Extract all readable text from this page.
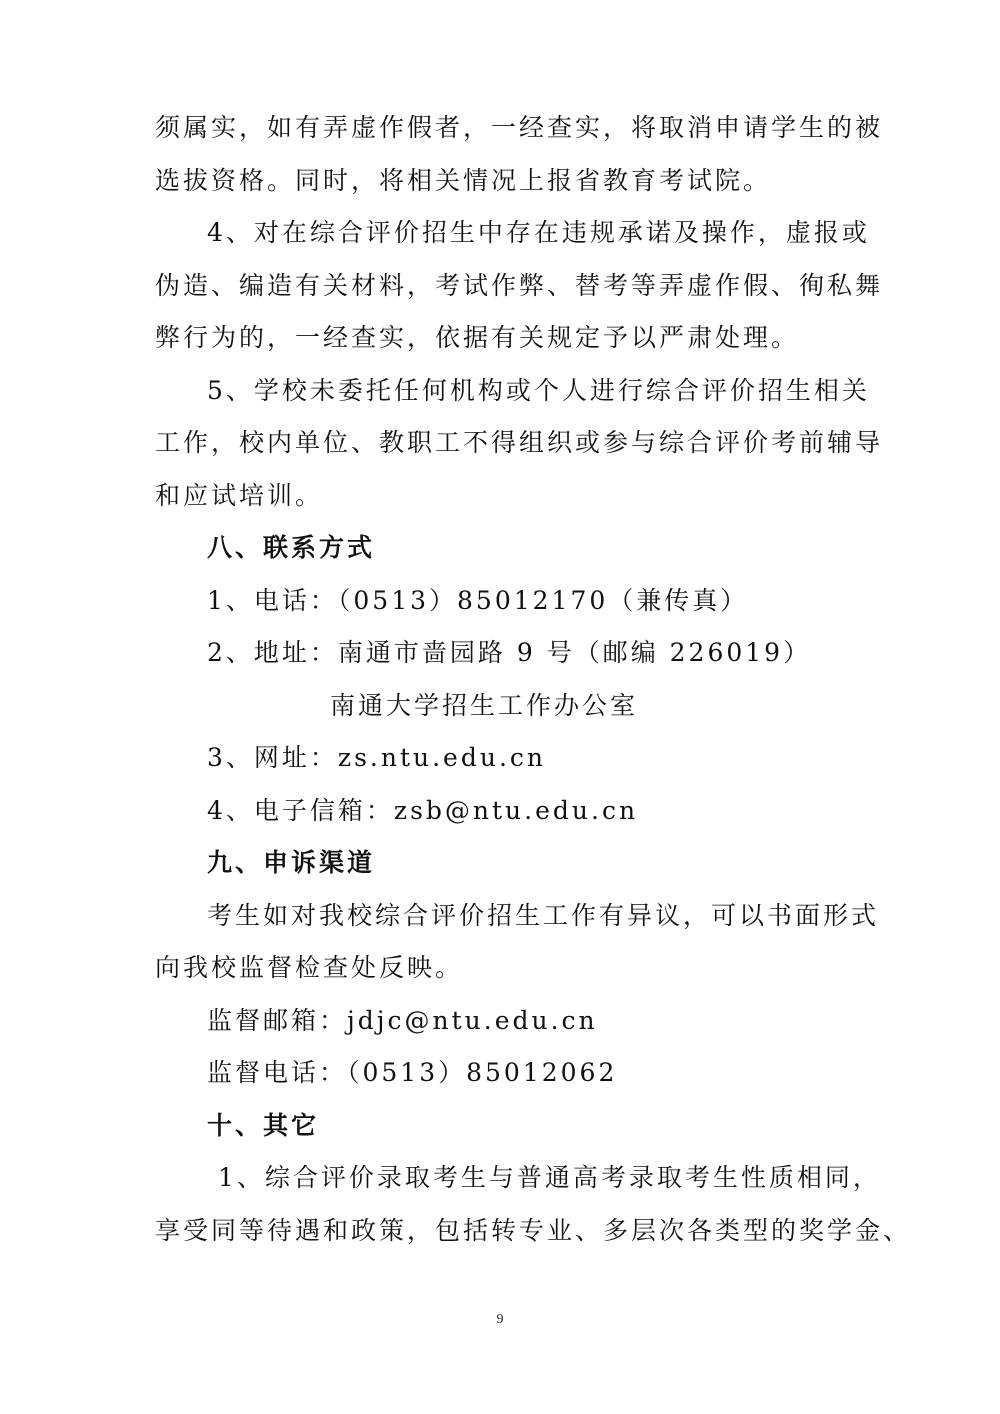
须属实，如有弄虚作假者，一经查实，将取消申请学生的被
选拔资格。同时，将相关情况上报省教育考试院。
4、对在综合评价招生中存在违规承诺及操作，虚报或
伪造、编造有关材料，考试作弊、替考等弄虚作假、徇私舞
弊行为的，一经查实，依据有关规定予以严肃处理。
5、学校未委托任何机构或个人进行综合评价招生相关
工作，校内单位、教职工不得组织或参与综合评价考前辅导
和应试培训。
八、联系方式
1、电话：（0513）85012170（兼传真）
2、地址：南通市啬园路 9 号（邮编 226019）
南通大学招生工作办公室
3、网址：zs.ntu.edu.cn
4、电子信箱：zsb@ntu.edu.cn
九、申诉渠道
考生如对我校综合评价招生工作有异议，可以书面形式
向我校监督检查处反映。
监督邮箱：jdjc@ntu.edu.cn
监督电话：（0513）85012062
十、其它
1、综合评价录取考生与普通高考录取考生性质相同，
享受同等待遇和政策，包括转专业、多层次各类型的奖学金、
9
